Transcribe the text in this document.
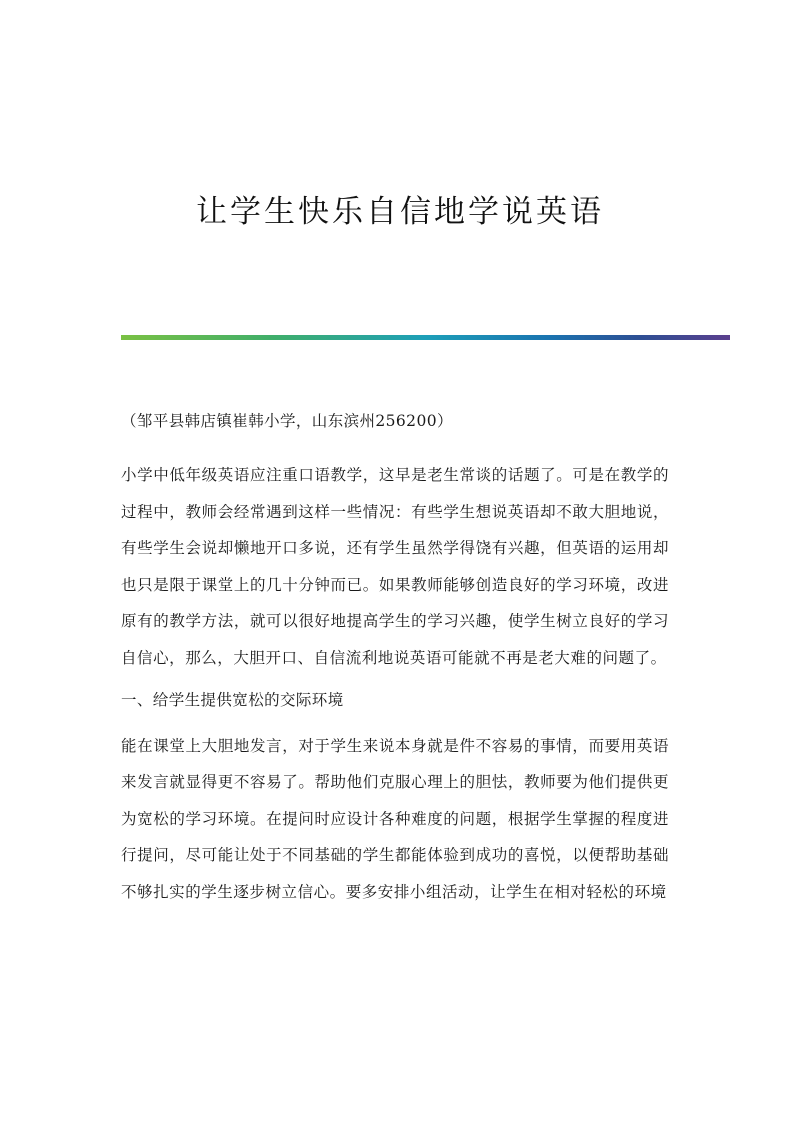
让学生快乐自信地学说英语

（邹平县韩店镇崔韩小学，山东滨州256200）

小学中低年级英语应注重口语教学，这早是老生常谈的话题了。可是在教学的过程中，教师会经常遇到这样一些情况：有些学生想说英语却不敢大胆地说，有些学生会说却懒地开口多说，还有学生虽然学得饶有兴趣，但英语的运用却也只是限于课堂上的几十分钟而已。如果教师能够创造良好的学习环境，改进原有的教学方法，就可以很好地提高学生的学习兴趣，使学生树立良好的学习自信心，那么，大胆开口、自信流利地说英语可能就不再是老大难的问题了。

一、给学生提供宽松的交际环境

能在课堂上大胆地发言，对于学生来说本身就是件不容易的事情，而要用英语来发言就显得更不容易了。帮助他们克服心理上的胆怯，教师要为他们提供更为宽松的学习环境。在提问时应设计各种难度的问题，根据学生掌握的程度进行提问，尽可能让处于不同基础的学生都能体验到成功的喜悦，以便帮助基础不够扎实的学生逐步树立信心。要多安排小组活动，让学生在相对轻松的环境
